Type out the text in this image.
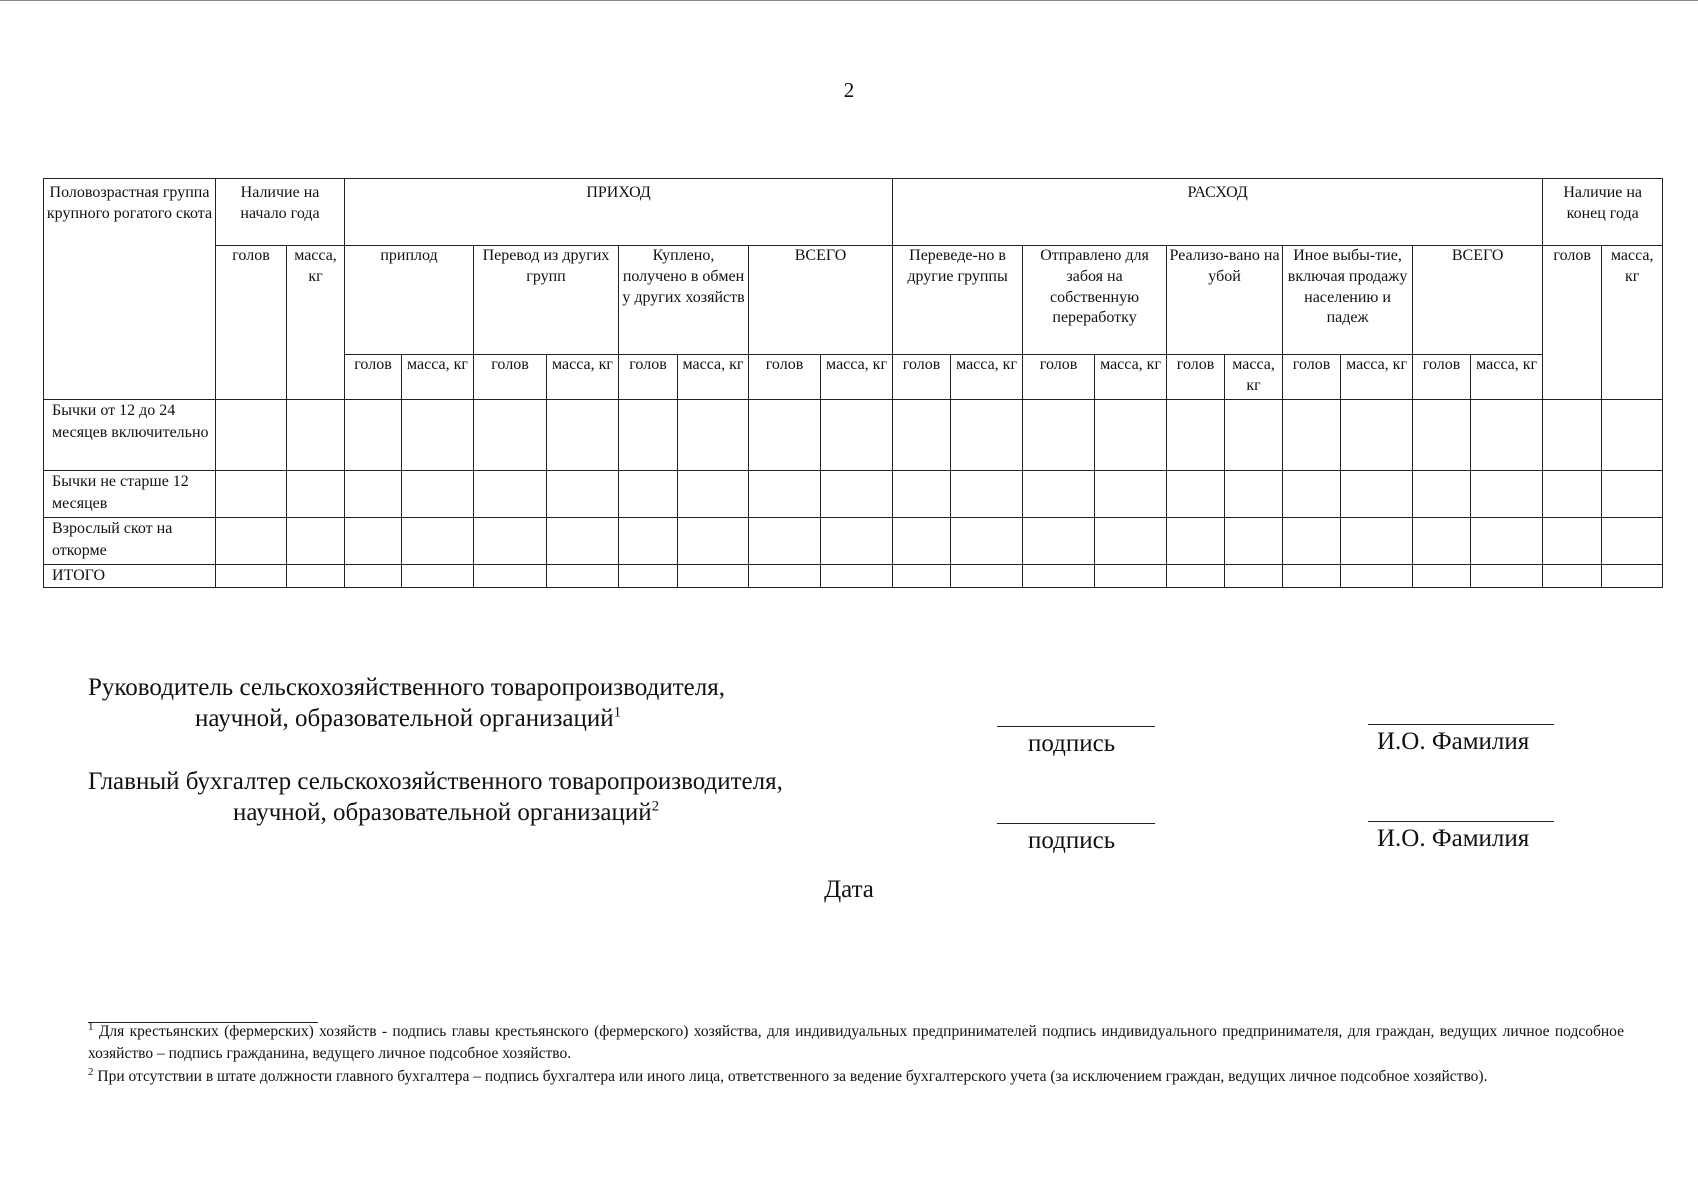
2
Половозрастная группа крупного рогатого скота	Наличие на начало года		ПРИХОД								РАСХОД										Наличие на конец года	
	голов	масса, кг	приплод		Перевод из других групп		Куплено, получено в обмен у других хозяйств		ВСЕГО		Переведе-но в другие группы		Отправлено для забоя на собственную переработку		Реализо-вано на убой		Иное выбы-тие, включая продажу населению и падеж		ВСЕГО		голов	масса, кг
			голов	масса, кг	голов	масса, кг	голов	масса, кг	голов	масса, кг	голов	масса, кг	голов	масса, кг	голов	масса, кг	голов	масса, кг	голов	масса, кг		
Бычки от 12 до 24 месяцев включительно																						
Бычки не старше 12 месяцев																						
Взрослый скот на откорме																						
ИТОГО																						
Руководитель сельскохозяйственного товаропроизводителя,
научной, образовательной организаций$^1$
подпись	И.О. Фамилия
Главный бухгалтер сельскохозяйственного товаропроизводителя,
научной, образовательной организаций$^2$
подпись	И.О. Фамилия
Дата

$^1$ Для крестьянских (фермерских) хозяйств - подпись главы крестьянского (фермерского) хозяйства, для индивидуальных предпринимателей подпись индивидуального предпринимателя, для граждан, ведущих личное подсобное хозяйство – подпись гражданина, ведущего личное подсобное хозяйство.

$^2$ При отсутствии в штате должности главного бухгалтера – подпись бухгалтера или иного лица, ответственного за ведение бухгалтерского учета (за исключением граждан, ведущих личное подсобное хозяйство).
